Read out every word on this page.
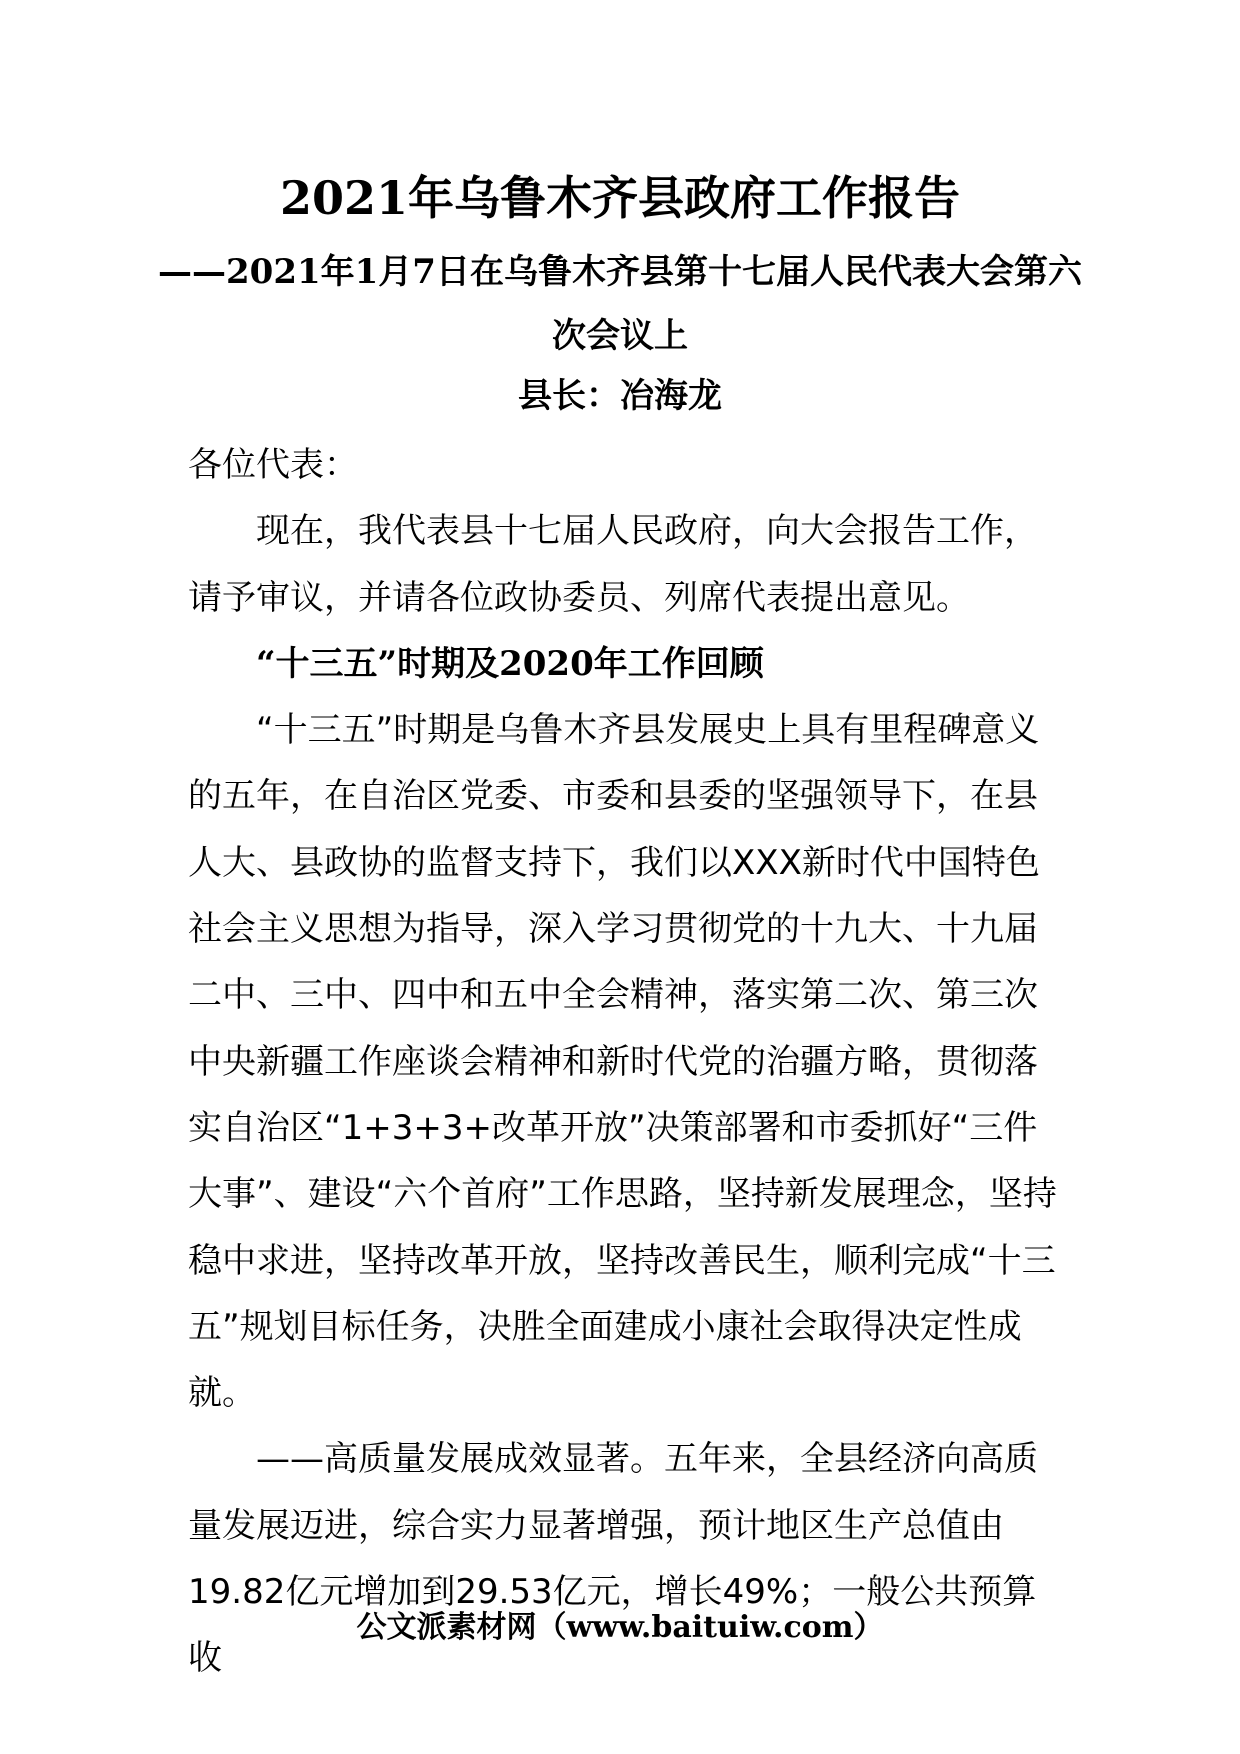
2021年乌鲁木齐县政府工作报告
——2021年1月7日在乌鲁木齐县第十七届人民代表大会第六次会议上
县长：冶海龙

各位代表：

现在，我代表县十七届人民政府，向大会报告工作，请予审议，并请各位政协委员、列席代表提出意见。

“十三五”时期及2020年工作回顾

“十三五”时期是乌鲁木齐县发展史上具有里程碑意义的五年，在自治区党委、市委和县委的坚强领导下，在县人大、县政协的监督支持下，我们以XXX新时代中国特色社会主义思想为指导，深入学习贯彻党的十九大、十九届二中、三中、四中和五中全会精神，落实第二次、第三次中央新疆工作座谈会精神和新时代党的治疆方略，贯彻落实自治区“1+3+3+改革开放”决策部署和市委抓好“三件大事”、建设“六个首府”工作思路，坚持新发展理念，坚持稳中求进，坚持改革开放，坚持改善民生，顺利完成“十三五”规划目标任务，决胜全面建成小康社会取得决定性成就。

——高质量发展成效显著。五年来，全县经济向高质量发展迈进，综合实力显著增强，预计地区生产总值由19.82亿元增加到29.53亿元，增长49%；一般公共预算收

公文派素材网（www.baituiw.com）
